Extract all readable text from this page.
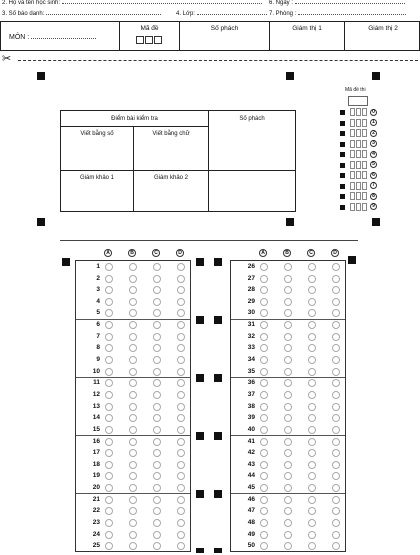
2. Họ và tên học sinh:	6. Ngày :
3. Số báo danh:	4. Lớp:	7. Phòng :
MÔN :
Mã đề	Số phách	Giám thị 1	Giám thị 2
✂
Điểm bài kiểm tra	Số phách
Viết bằng số	Viết bằng chữ
Giám khảo 1	Giám khảo 2
Mã đề thi
0
1
2
3
4
5
6
7
8
9
1
2
3
4
5
6
7
8
9
10
11
12
13
14
15
16
17
18
19
20
21
22
23
24
25
26
27
28
29
30
31
32
33
34
35
36
37
38
39
40
41
42
43
44
45
46
47
48
49
50
A	B	C	D	A	B	C	D
